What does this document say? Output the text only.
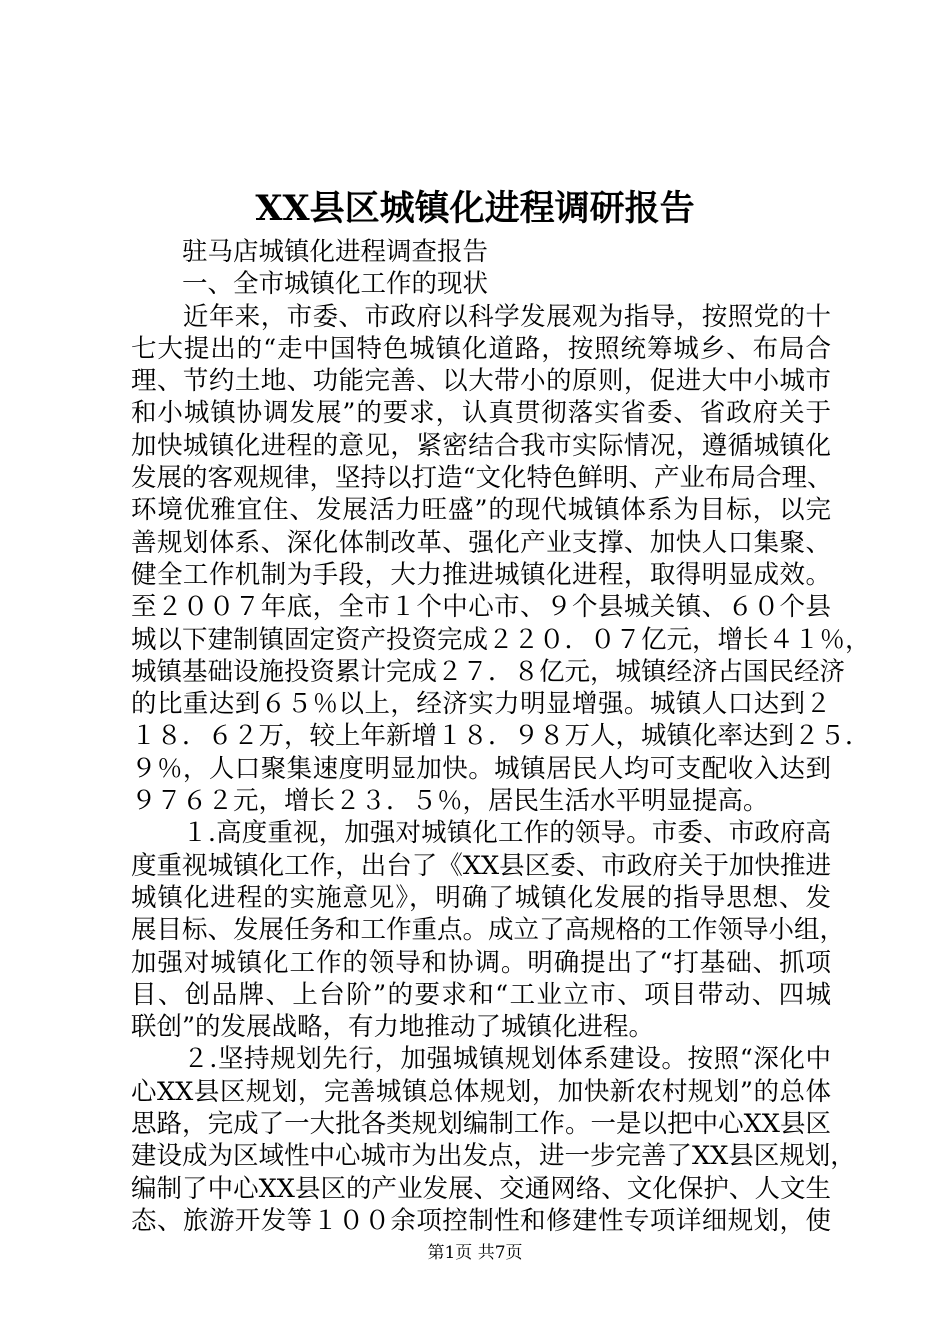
XX县区城镇化进程调研报告
　　驻马店城镇化进程调查报告
　　一、全市城镇化工作的现状
　　近年来，市委、市政府以科学发展观为指导，按照党的十
七大提出的“走中国特色城镇化道路，按照统筹城乡、布局合
理、节约土地、功能完善、以大带小的原则，促进大中小城市
和小城镇协调发展”的要求，认真贯彻落实省委、省政府关于
加快城镇化进程的意见，紧密结合我市实际情况，遵循城镇化
发展的客观规律，坚持以打造“文化特色鲜明、产业布局合理、
环境优雅宜住、发展活力旺盛”的现代城镇体系为目标，以完
善规划体系、深化体制改革、强化产业支撑、加快人口集聚、
健全工作机制为手段，大力推进城镇化进程，取得明显成效。
至２００７年底，全市１个中心市、９个县城关镇、６０个县
城以下建制镇固定资产投资完成２２０．０７亿元，增长４１％，
城镇基础设施投资累计完成２７．８亿元，城镇经济占国民经济
的比重达到６５％以上，经济实力明显增强。城镇人口达到２
１８．６２万，较上年新增１８．９８万人，城镇化率达到２５．
９％，人口聚集速度明显加快。城镇居民人均可支配收入达到
９７６２元，增长２３．５％，居民生活水平明显提高。
　　１.高度重视，加强对城镇化工作的领导。市委、市政府高
度重视城镇化工作，出台了《XX县区委、市政府关于加快推进
城镇化进程的实施意见》，明确了城镇化发展的指导思想、发
展目标、发展任务和工作重点。成立了高规格的工作领导小组，
加强对城镇化工作的领导和协调。明确提出了“打基础、抓项
目、创品牌、上台阶”的要求和“工业立市、项目带动、四城
联创”的发展战略，有力地推动了城镇化进程。
　　２.坚持规划先行，加强城镇规划体系建设。按照“深化中
心XX县区规划，完善城镇总体规划，加快新农村规划”的总体
思路，完成了一大批各类规划编制工作。一是以把中心XX县区
建设成为区域性中心城市为出发点，进一步完善了XX县区规划，
编制了中心XX县区的产业发展、交通网络、文化保护、人文生
态、旅游开发等１００余项控制性和修建性专项详细规划，使
第1页 共7页
